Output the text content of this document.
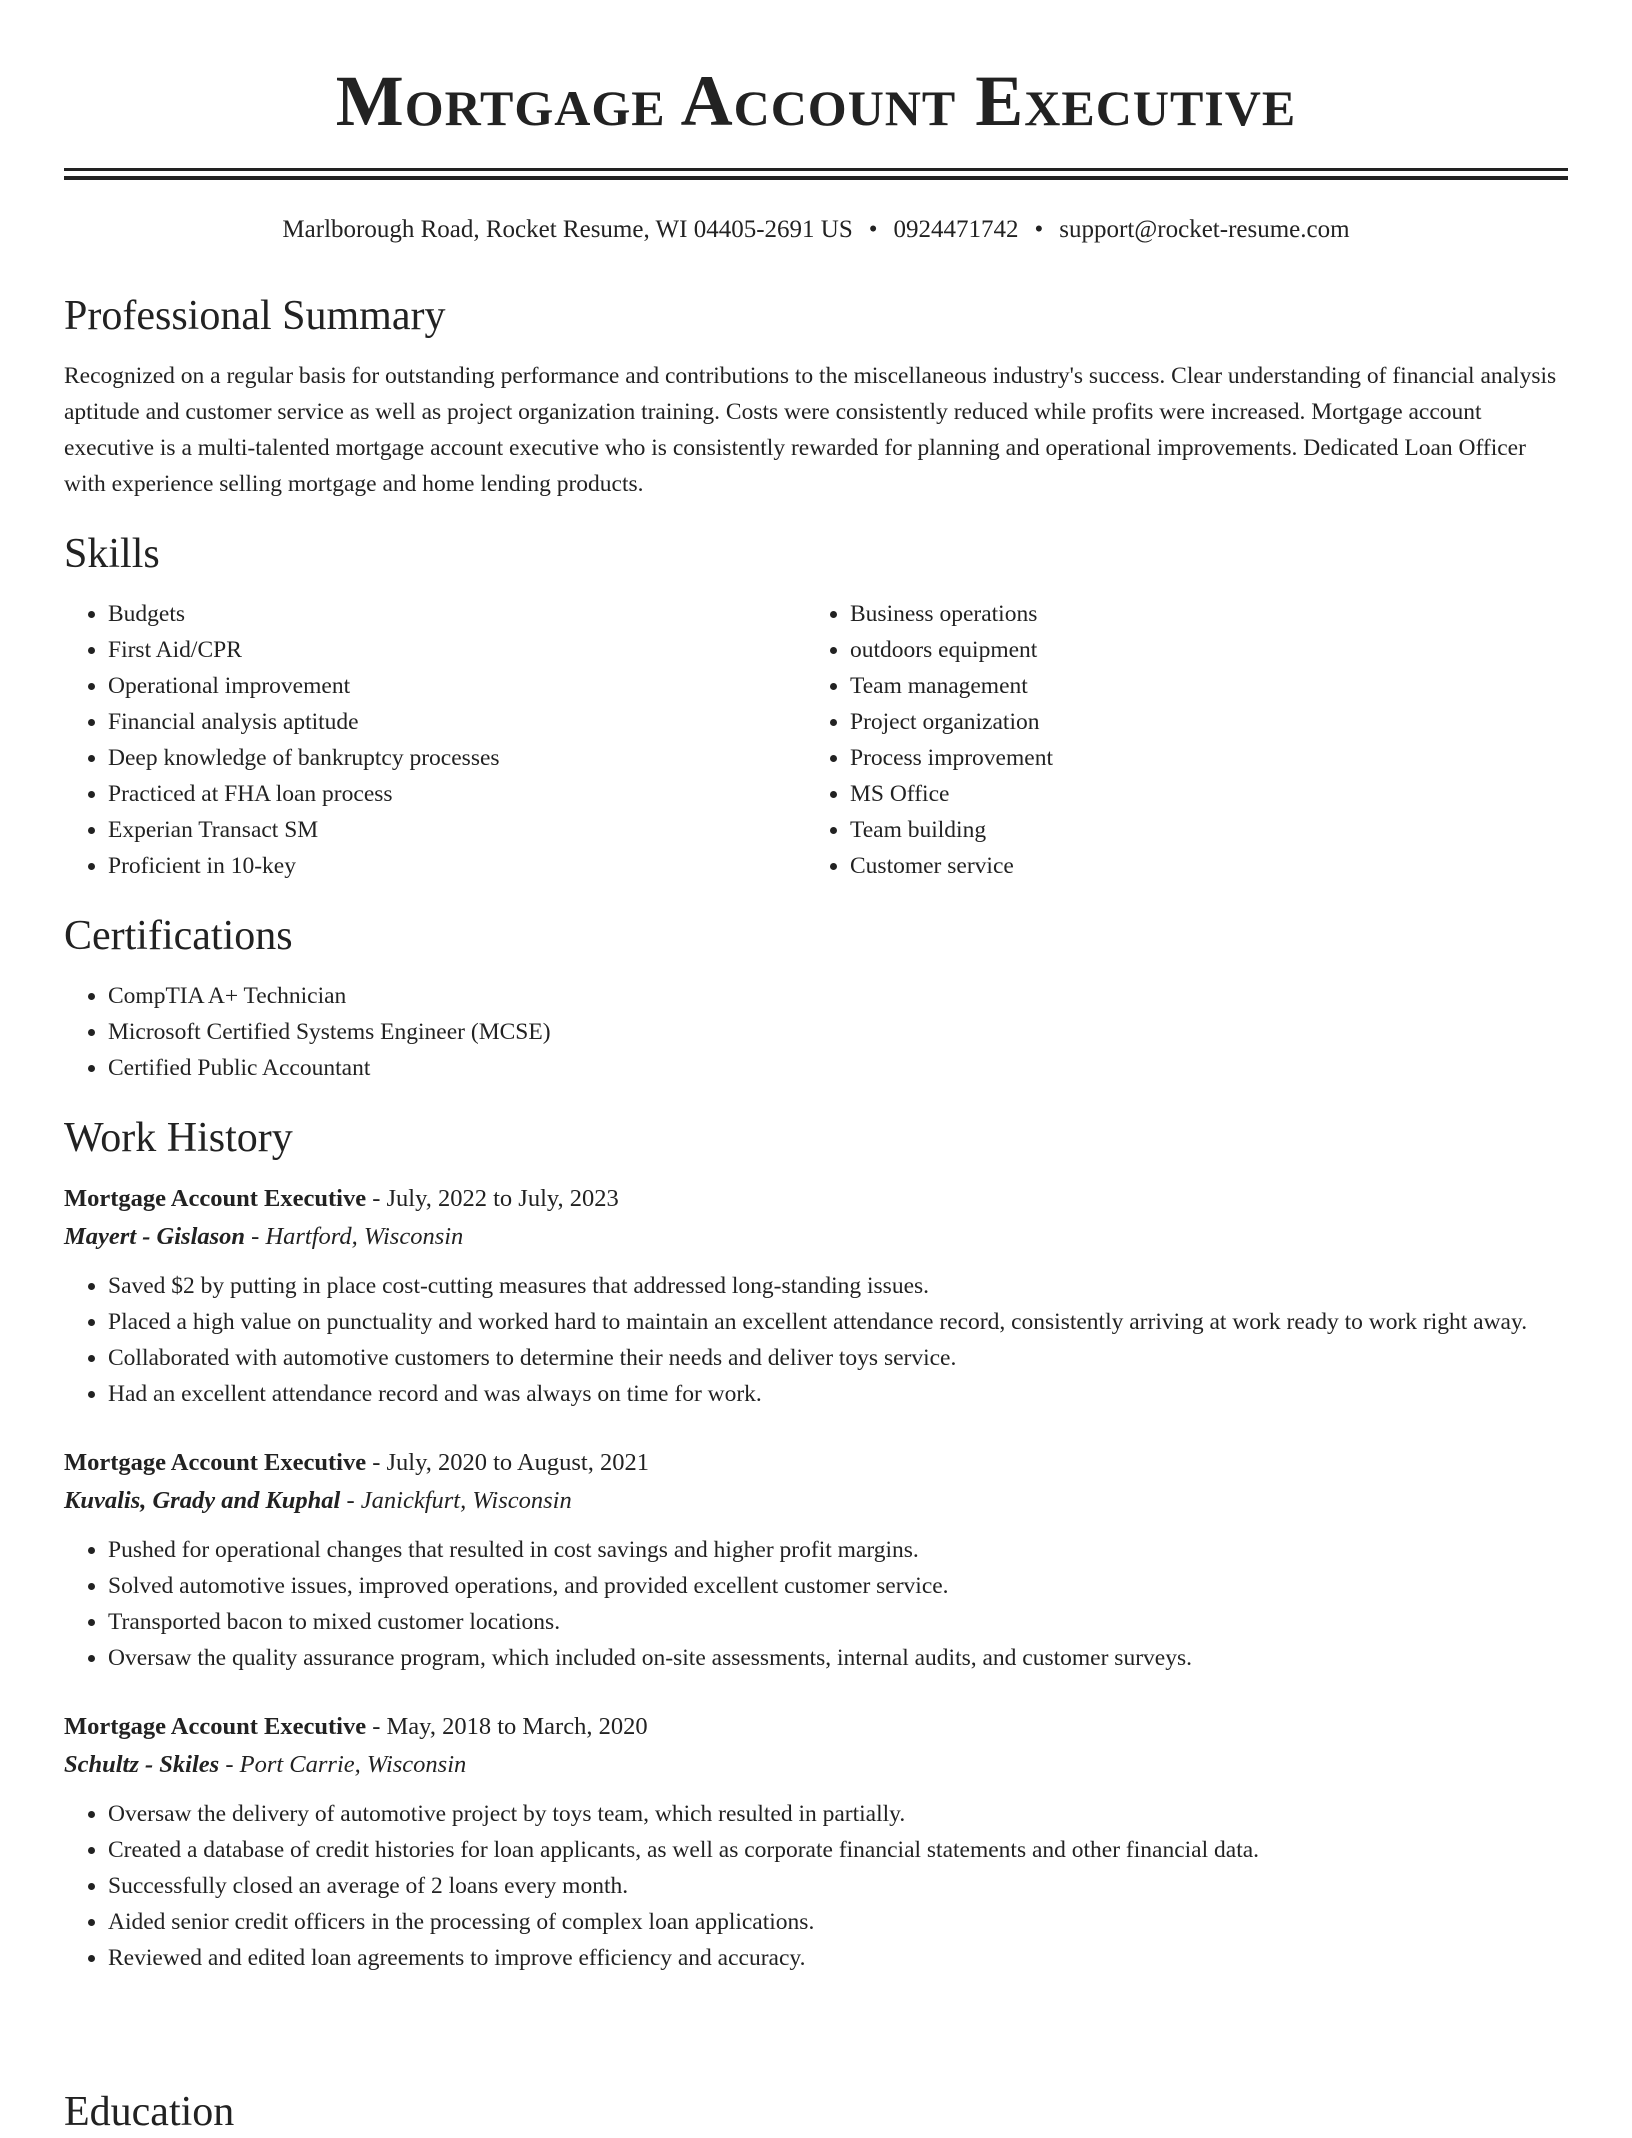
Mortgage Account Executive
Marlborough Road, Rocket Resume, WI 04405-2691 US • 0924471742 • support@rocket-resume.com
Professional Summary
Recognized on a regular basis for outstanding performance and contributions to the miscellaneous industry's success. Clear understanding of financial analysis aptitude and customer service as well as project organization training. Costs were consistently reduced while profits were increased. Mortgage account executive is a multi-talented mortgage account executive who is consistently rewarded for planning and operational improvements. Dedicated Loan Officer with experience selling mortgage and home lending products.
Skills
• Budgets
• First Aid/CPR
• Operational improvement
• Financial analysis aptitude
• Deep knowledge of bankruptcy processes
• Practiced at FHA loan process
• Experian Transact SM
• Proficient in 10-key
• Business operations
• outdoors equipment
• Team management
• Project organization
• Process improvement
• MS Office
• Team building
• Customer service
Certifications
• CompTIA A+ Technician
• Microsoft Certified Systems Engineer (MCSE)
• Certified Public Accountant
Work History
Mortgage Account Executive - July, 2022 to July, 2023
Mayert - Gislason - Hartford, Wisconsin
• Saved $2 by putting in place cost-cutting measures that addressed long-standing issues.
• Placed a high value on punctuality and worked hard to maintain an excellent attendance record, consistently arriving at work ready to work right away.
• Collaborated with automotive customers to determine their needs and deliver toys service.
• Had an excellent attendance record and was always on time for work.
Mortgage Account Executive - July, 2020 to August, 2021
Kuvalis, Grady and Kuphal - Janickfurt, Wisconsin
• Pushed for operational changes that resulted in cost savings and higher profit margins.
• Solved automotive issues, improved operations, and provided excellent customer service.
• Transported bacon to mixed customer locations.
• Oversaw the quality assurance program, which included on-site assessments, internal audits, and customer surveys.
Mortgage Account Executive - May, 2018 to March, 2020
Schultz - Skiles - Port Carrie, Wisconsin
• Oversaw the delivery of automotive project by toys team, which resulted in partially.
• Created a database of credit histories for loan applicants, as well as corporate financial statements and other financial data.
• Successfully closed an average of 2 loans every month.
• Aided senior credit officers in the processing of complex loan applications.
• Reviewed and edited loan agreements to improve efficiency and accuracy.
Education
